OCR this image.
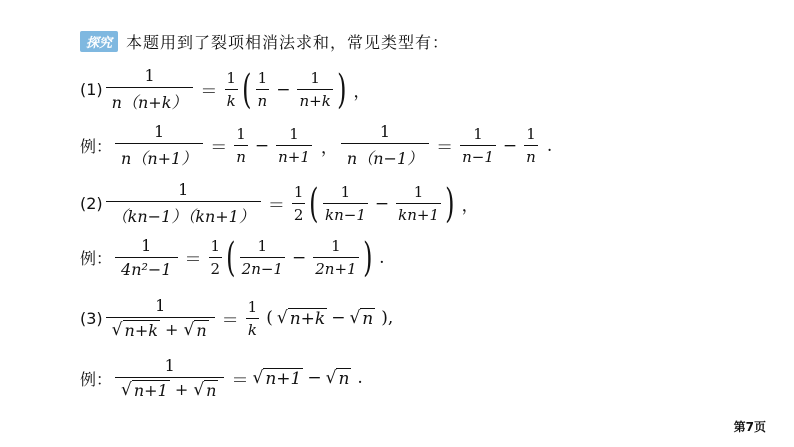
探究 本题用到了裂项相消法求和，常见类型有：
$(1) \frac{1}{n(n+k)} = \frac{1}{k}$ ( $\frac{1}{n} - \frac{1}{n+k}$ ) ，
例： $\frac{1}{n(n+1)} = \frac{1}{n} - \frac{1}{n+1}$ ， $\frac{1}{n(n-1)} = \frac{1}{n-1} - \frac{1}{n}$ .
$(2) \frac{1}{(kn-1)(kn+1)} = \frac{1}{2}$ ( $\frac{1}{kn-1} - \frac{1}{kn+1}$ ) ，
例： $\frac{1}{\text{4n²−1}} = \frac{1}{2}$ ( $\frac{1}{2n-1} - \frac{1}{2n+1}$ ) .
$(3) \frac{1}{√ n+k + √ n} = \frac{1}{k}$ ( √ n+k − √ n ),
例： $\frac{1}{√ n+1 + √ n}$ ＝ √ n+1 − √ n .
第7页
